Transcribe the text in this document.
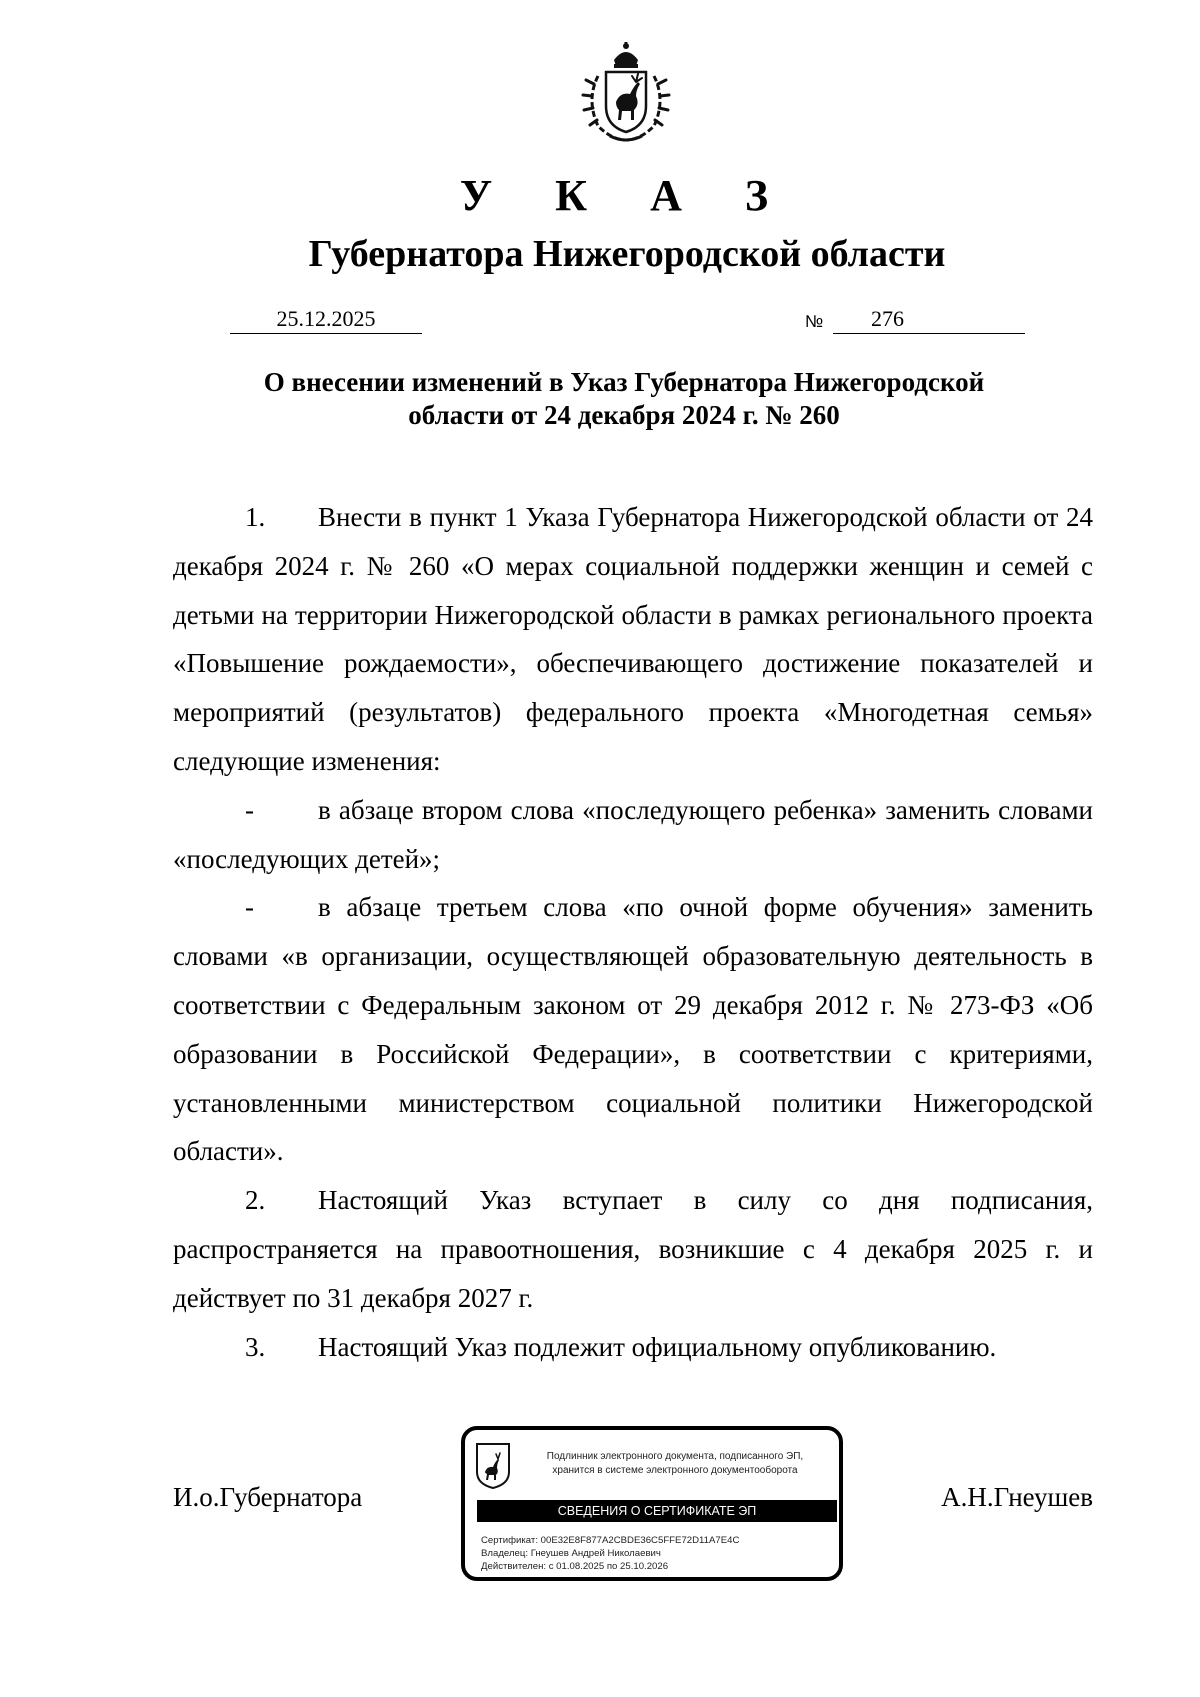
У К А З
Губернатора Нижегородской области
25.12.2025	№	276
О внесении изменений в Указ Губернатора Нижегородской
области от 24 декабря 2024 г. № 260

1. Внести в пункт 1 Указа Губернатора Нижегородской области от 24 декабря 2024 г. № 260 «О мерах социальной поддержки женщин и семей с детьми на территории Нижегородской области в рамках регионального проекта «Повышение рождаемости», обеспечивающего достижение показателей и мероприятий (результатов) федерального проекта «Многодетная семья» следующие изменения:

- в абзаце втором слова «последующего ребенка» заменить словами «последующих детей»;

- в абзаце третьем слова «по очной форме обучения» заменить словами «в организации, осуществляющей образовательную деятельность в соответствии с Федеральным законом от 29 декабря 2012 г. № 273-ФЗ «Об образовании в Российской Федерации», в соответствии с критериями, установленными министерством социальной политики Нижегородской области».

2. Настоящий Указ вступает в силу со дня подписания, распространяется на правоотношения, возникшие с 4 декабря 2025 г. и действует по 31 декабря 2027 г.

3. Настоящий Указ подлежит официальному опубликованию.

И.о.Губернатора	А.Н.Гнеушев
Подлинник электронного документа, подписанного ЭП,
хранится в системе электронного документооборота
СВЕДЕНИЯ О СЕРТИФИКАТЕ ЭП
Сертификат: 00E32E8F877A2CBDE36C5FFE72D11A7E4C
Владелец: Гнеушев Андрей Николаевич
Действителен: с 01.08.2025 по 25.10.2026
